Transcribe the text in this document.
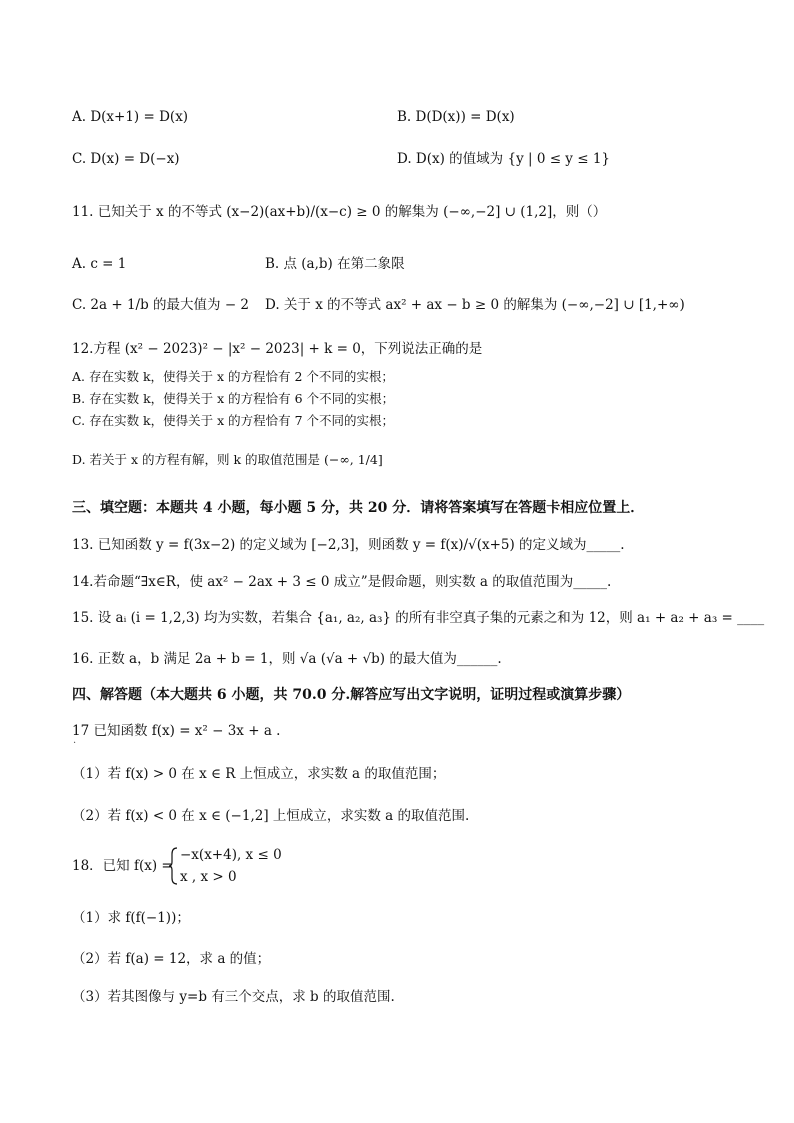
A. D(x+1) = D(x)	B. D(D(x)) = D(x)
C. D(x) = D(−x)	D. D(x) 的值域为 {y | 0 ≤ y ≤ 1}
11. 已知关于 x 的不等式 (x−2)(ax+b)/(x−c) ≥ 0 的解集为 (−∞,−2] ∪ (1,2]，则（）
A. c = 1	B. 点 (a,b) 在第二象限
C. 2a + 1/b 的最大值为 − 2 D. 关于 x 的不等式 ax² + ax − b ≥ 0 的解集为 (−∞,−2] ∪ [1,+∞)
12.方程 (x² − 2023)² − |x² − 2023| + k = 0，下列说法正确的是
A. 存在实数 k，使得关于 x 的方程恰有 2 个不同的实根；
B. 存在实数 k，使得关于 x 的方程恰有 6 个不同的实根；
C. 存在实数 k，使得关于 x 的方程恰有 7 个不同的实根；
D. 若关于 x 的方程有解，则 k 的取值范围是 (−∞, 1/4]
三、填空题：本题共 4 小题，每小题 5 分，共 20 分．请将答案填写在答题卡相应位置上．
13. 已知函数 y = f(3x−2) 的定义域为 [−2,3]，则函数 y = f(x)/√(x+5) 的定义域为_____.
14.若命题“∃x∈R，使 ax² − 2ax + 3 ≤ 0 成立”是假命题，则实数 a 的取值范围为_____.
15. 设 aᵢ (i = 1,2,3) 均为实数，若集合 {a₁, a₂, a₃} 的所有非空真子集的元素之和为 12，则 a₁ + a₂ + a₃ = ____
16. 正数 a，b 满足 2a + b = 1，则 √a (√a + √b) 的最大值为______.
四、解答题（本大题共 6 小题，共 70.0 分.解答应写出文字说明，证明过程或演算步骤）
17 已知函数 f(x) = x² − 3x + a .
·
（1）若 f(x) > 0 在 x ∈ R 上恒成立，求实数 a 的取值范围；
（2）若 f(x) < 0 在 x ∈ (−1,2] 上恒成立，求实数 a 的取值范围.
18．已知 f(x) =
−x(x+4), x ≤ 0
x , x > 0
（1）求 f(f(−1))；
（2）若 f(a) = 12，求 a 的值；
（3）若其图像与 y=b 有三个交点，求 b 的取值范围.
